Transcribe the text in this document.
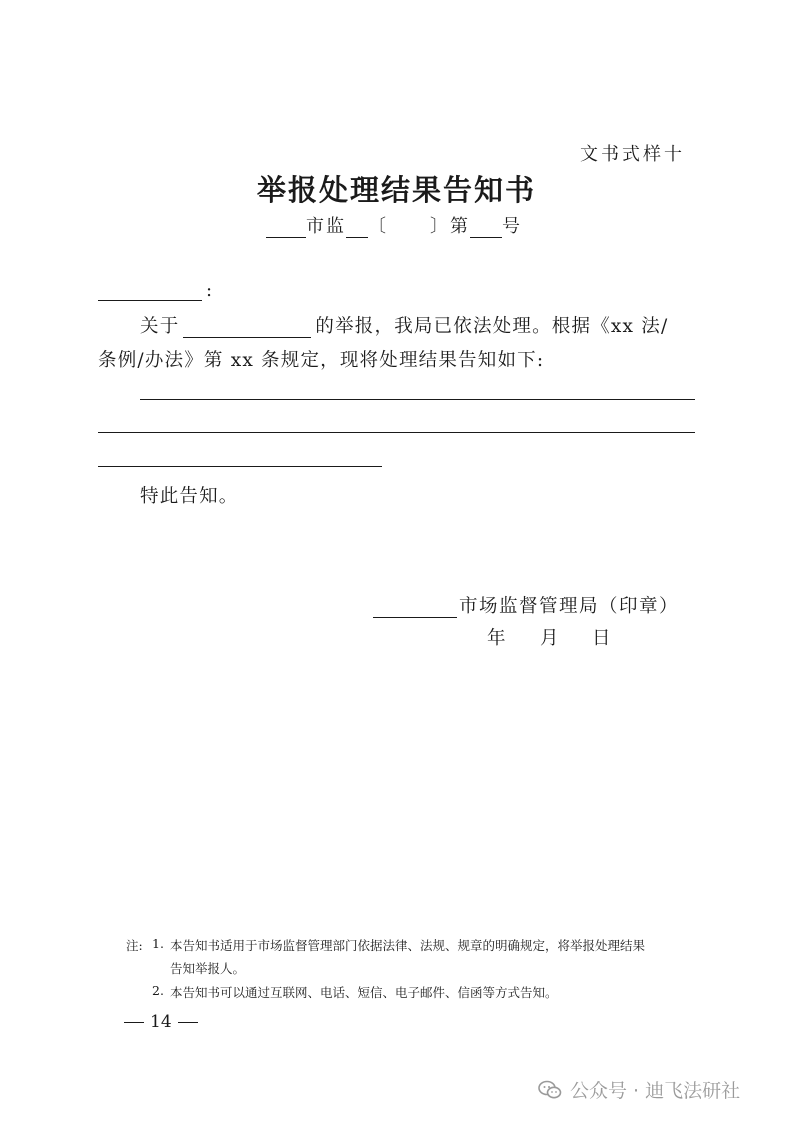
文书式样十
举报处理结果告知书
市监 〔 〕 第 号
:
关于	的举报，我局已依法处理。根据《xx 法/
条例/办法》第 xx 条规定，现将处理结果告知如下:
特此告知。
市场监督管理局（印章）
年 月 日
注: 1. 本告知书适用于市场监督管理部门依据法律、法规、规章的明确规定，将举报处理结果
告知举报人。
2. 本告知书可以通过互联网、电话、短信、电子邮件、信函等方式告知。
14
公众号 · 迪飞法研社
